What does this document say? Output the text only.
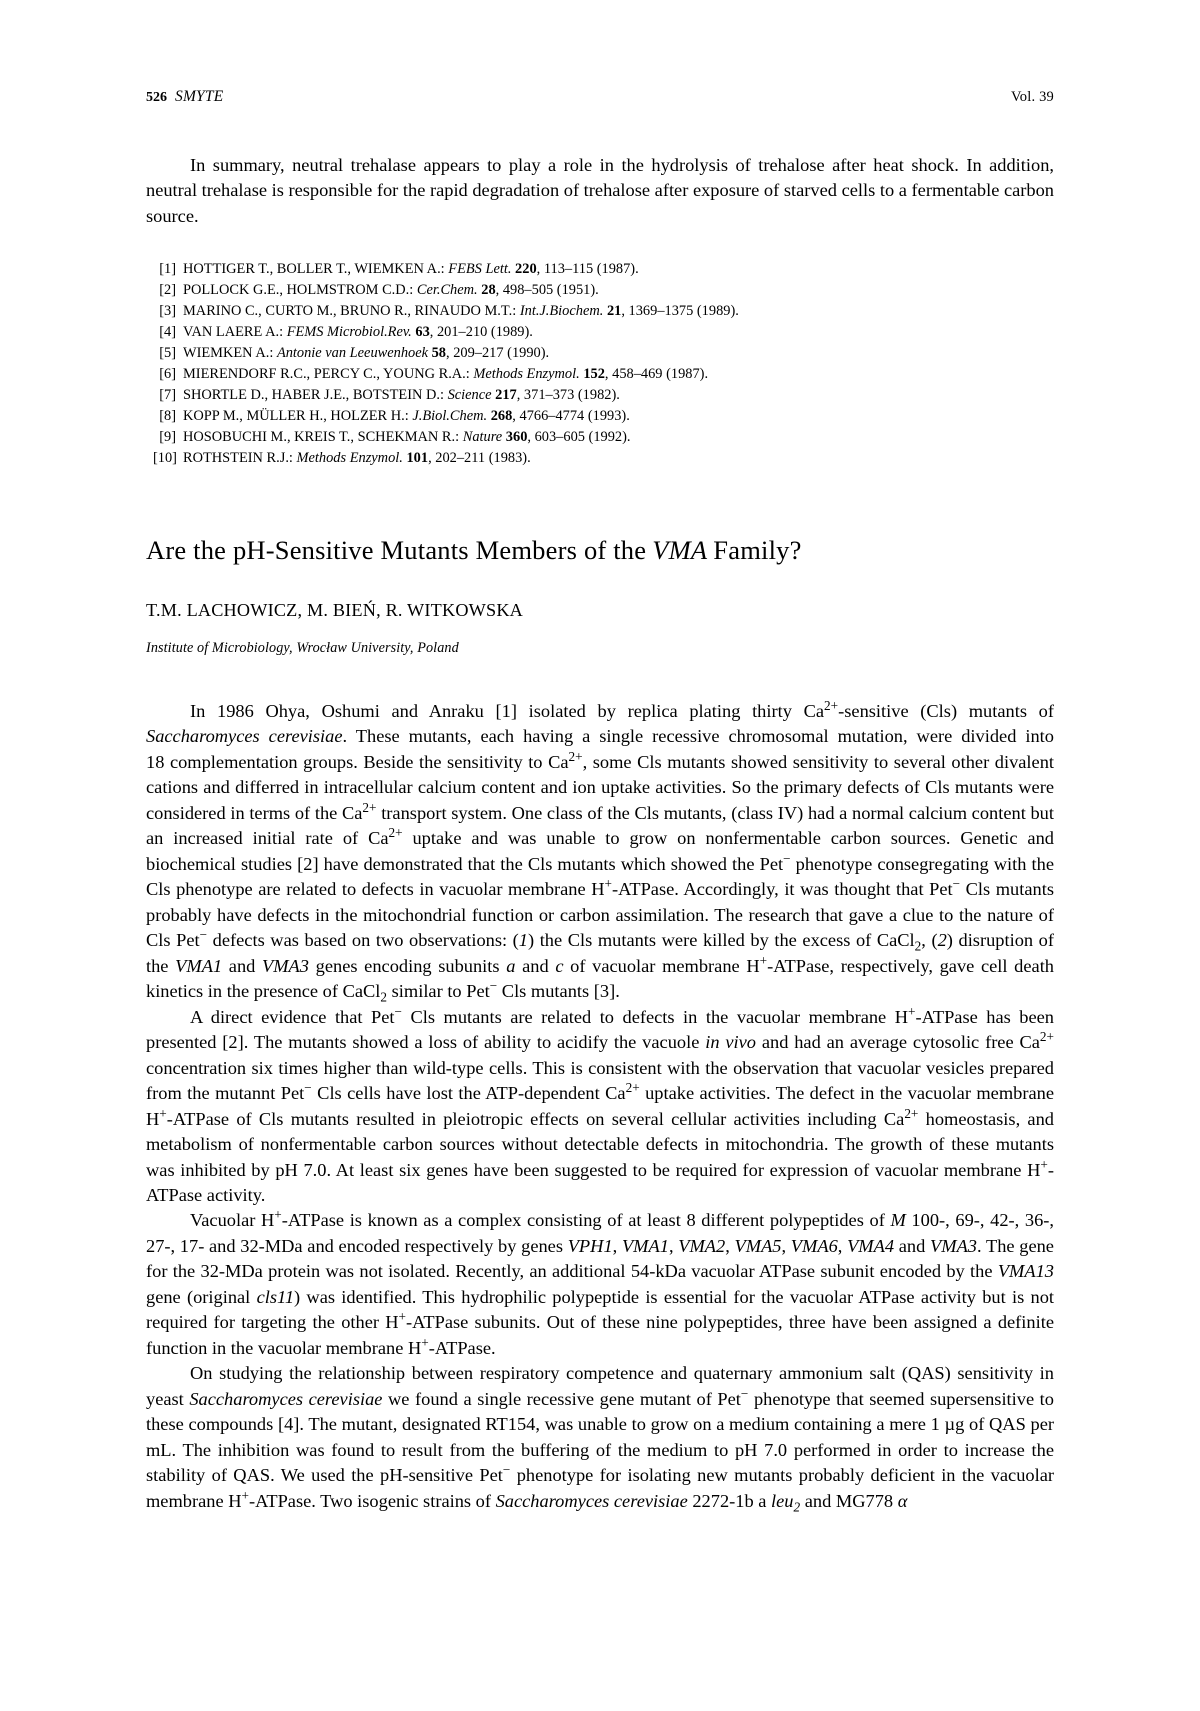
526 SMYTE	Vol. 39

In summary, neutral trehalase appears to play a role in the hydrolysis of trehalose after heat shock. In addition, neutral trehalase is responsible for the rapid degradation of trehalose after exposure of starved cells to a fermentable carbon source.

[1] HOTTIGER T., BOLLER T., WIEMKEN A.: FEBS Lett. 220, 113–115 (1987).
[2] POLLOCK G.E., HOLMSTROM C.D.: Cer.Chem. 28, 498–505 (1951).
[3] MARINO C., CURTO M., BRUNO R., RINAUDO M.T.: Int.J.Biochem. 21, 1369–1375 (1989).
[4] VAN LAERE A.: FEMS Microbiol.Rev. 63, 201–210 (1989).
[5] WIEMKEN A.: Antonie van Leeuwenhoek 58, 209–217 (1990).
[6] MIERENDORF R.C., PERCY C., YOUNG R.A.: Methods Enzymol. 152, 458–469 (1987).
[7] SHORTLE D., HABER J.E., BOTSTEIN D.: Science 217, 371–373 (1982).
[8] KOPP M., MÜLLER H., HOLZER H.: J.Biol.Chem. 268, 4766–4774 (1993).
[9] HOSOBUCHI M., KREIS T., SCHEKMAN R.: Nature 360, 603–605 (1992).
[10] ROTHSTEIN R.J.: Methods Enzymol. 101, 202–211 (1983).
Are the pH-Sensitive Mutants Members of the VMA Family?
T.M. LACHOWICZ, M. BIEŃ, R. WITKOWSKA
Institute of Microbiology, Wrocław University, Poland

In 1986 Ohya, Oshumi and Anraku [1] isolated by replica plating thirty $Ca^{2+}$-sensitive (Cls) mutants of Saccharomyces cerevisiae. These mutants, each having a single recessive chromosomal mutation, were divided into 18 complementation groups. Beside the sensitivity to $Ca^{2+}$, some Cls mutants showed sensitivity to several other divalent cations and differred in intracellular calcium content and ion uptake activities. So the primary defects of Cls mutants were considered in terms of the $Ca^{2+}$ transport system. One class of the Cls mutants, (class IV) had a normal calcium content but an increased initial rate of $Ca^{2+}$ uptake and was unable to grow on nonfermentable carbon sources. Genetic and biochemical studies [2] have demonstrated that the Cls mutants which showed the Pet− phenotype consegregating with the Cls phenotype are related to defects in vacuolar membrane H+-ATPase. Accordingly, it was thought that Pet− Cls mutants probably have defects in the mitochondrial function or carbon assimilation. The research that gave a clue to the nature of Cls Pet− defects was based on two observations: (1) the Cls mutants were killed by the excess of CaCl$_2$, (2) disruption of the VMA1 and VMA3 genes encoding subunits a and c of vacuolar membrane H+-ATPase, respectively, gave cell death kinetics in the presence of CaCl$_2$ similar to Pet− Cls mutants [3].

A direct evidence that Pet− Cls mutants are related to defects in the vacuolar membrane H+-ATPase has been presented [2]. The mutants showed a loss of ability to acidify the vacuole in vivo and had an average cytosolic free $Ca^{2+}$ concentration six times higher than wild-type cells. This is consistent with the observation that vacuolar vesicles prepared from the mutannt Pet− Cls cells have lost the ATP-dependent $Ca^{2+}$ uptake activities. The defect in the vacuolar membrane H+-ATPase of Cls mutants resulted in pleiotropic effects on several cellular activities including $Ca^{2+}$ homeostasis, and metabolism of nonfermentable carbon sources without detectable defects in mitochondria. The growth of these mutants was inhibited by pH 7.0. At least six genes have been suggested to be required for expression of vacuolar membrane H+-ATPase activity.

Vacuolar H+-ATPase is known as a complex consisting of at least 8 different polypeptides of M 100-, 69-, 42-, 36-, 27-, 17- and 32-MDa and encoded respectively by genes VPH1, VMA1, VMA2, VMA5, VMA6, VMA4 and VMA3. The gene for the 32-MDa protein was not isolated. Recently, an additional 54-kDa vacuolar ATPase subunit encoded by the VMA13 gene (original cls11) was identified. This hydrophilic polypeptide is essential for the vacuolar ATPase activity but is not required for targeting the other H+-ATPase subunits. Out of these nine polypeptides, three have been assigned a definite function in the vacuolar membrane H+-ATPase.

On studying the relationship between respiratory competence and quaternary ammonium salt (QAS) sensitivity in yeast Saccharomyces cerevisiae we found a single recessive gene mutant of Pet− phenotype that seemed supersensitive to these compounds [4]. The mutant, designated RT154, was unable to grow on a medium containing a mere 1 µg of QAS per mL. The inhibition was found to result from the buffering of the medium to pH 7.0 performed in order to increase the stability of QAS. We used the pH-sensitive Pet− phenotype for isolating new mutants probably deficient in the vacuolar membrane H+-ATPase. Two isogenic strains of Saccharomyces cerevisiae 2272-1b a leu$_2$ and MG778 α
